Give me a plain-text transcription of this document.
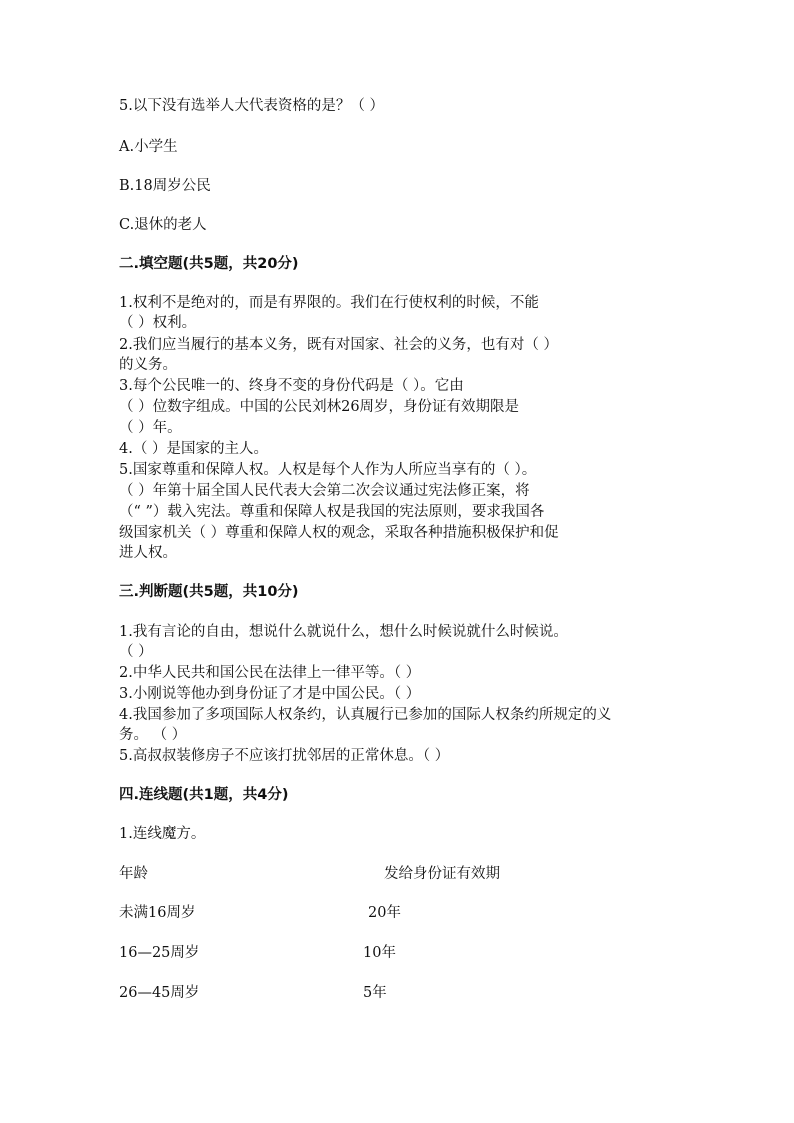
5.以下没有选举人大代表资格的是？（ ）
A.小学生
B.18周岁公民
C.退休的老人
二.填空题(共5题，共20分)
1.权利不是绝对的，而是有界限的。我们在行使权利的时候，不能
（ ）权利。
2.我们应当履行的基本义务，既有对国家、社会的义务，也有对（ ）
的义务。
3.每个公民唯一的、终身不变的身份代码是（ ）。它由
（ ）位数字组成。中国的公民刘林26周岁，身份证有效期限是
（ ）年。
4.（ ）是国家的主人。
5.国家尊重和保障人权。人权是每个人作为人所应当享有的（ ）。
（ ）年第十届全国人民代表大会第二次会议通过宪法修正案，将
（“ ”）载入宪法。尊重和保障人权是我国的宪法原则，要求我国各
级国家机关（ ）尊重和保障人权的观念，采取各种措施积极保护和促
进人权。
三.判断题(共5题，共10分)
1.我有言论的自由，想说什么就说什么，想什么时候说就什么时候说。
（ ）
2.中华人民共和国公民在法律上一律平等。（ ）
3.小刚说等他办到身份证了才是中国公民。（ ）
4.我国参加了多项国际人权条约，认真履行已参加的国际人权条约所规定的义
务。 （ ）
5.高叔叔装修房子不应该打扰邻居的正常休息。（ ）
四.连线题(共1题，共4分)
1.连线魔方。
年龄	发给身份证有效期
未满16周岁	20年
16—25周岁	10年
26—45周岁	5年
